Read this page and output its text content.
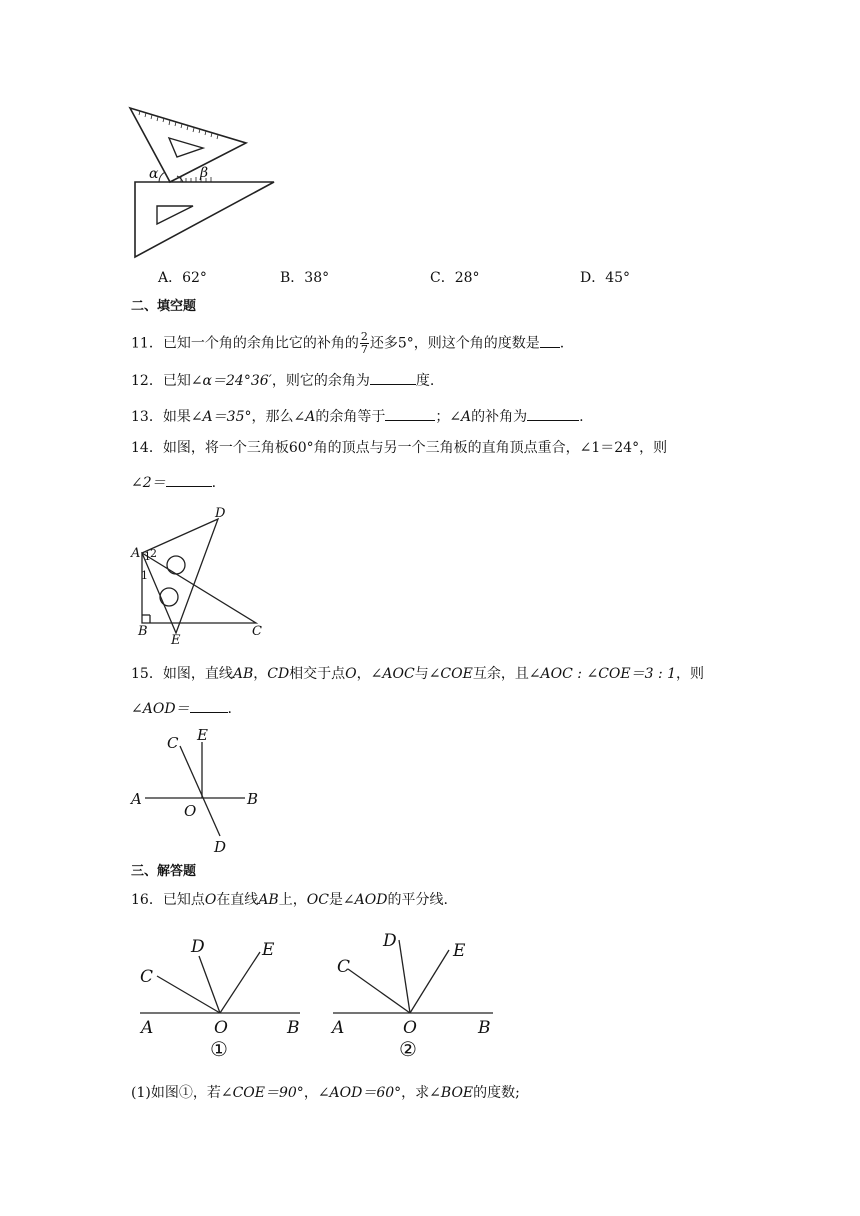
α	β
A．62°	B．38°	C．28°	D．45°
二、填空题
11．已知一个角的余角比它的补角的 $\frac{2}{7}$ 还多5°，则这个角的度数是 .
12．已知∠α＝24°36′，则它的余角为	度.
13．如果∠A＝35°，那么∠A的余角等于	；∠A的补角为	.
14．如图，将一个三角板60°角的顶点与另一个三角板的直角顶点重合，∠1＝24°，则
∠2＝	.
D
A 1 2
1
B
E
C
15．如图，直线AB，CD相交于点O，∠AOC与∠COE互余，且∠AOC : ∠COE＝3 : 1，则
∠AOD＝	.
C E
A	B
O
D
三、解答题
16．已知点O在直线AB上，OC是∠AOD的平分线.
C
D	E
A	O	B
①
C
D	E
A	O	B
②
(1)如图①，若∠COE＝90°，∠AOD＝60°，求∠BOE的度数;
